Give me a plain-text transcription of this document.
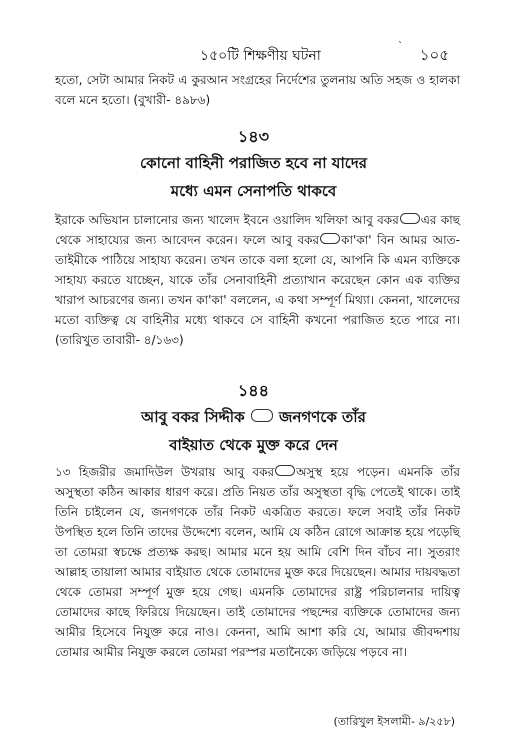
১৫০টি শিক্ষণীয় ঘটনা
` ১০৫

হতো, সেটা আমার নিকট এ কুরআন সংগ্রহের নির্দেশের তুলনায় অতি সহজ ও হালকা বলে মনে হতো। (বুখারী- ৪৯৮৬)

১৪৩
কোনো বাহিনী পরাজিত হবে না যাদের
মধ্যে এমন সেনাপতি থাকবে

ইরাকে অভিযান চালানোর জন্য খালেদ ইবনে ওয়ালিদ খলিফা আবু বকর এর কাছ থেকে সাহায্যের জন্য আবেদন করেন। ফলে আবু বকর কা'কা' বিন আমর আত-তাইমীকে পাঠিয়ে সাহায্য করেন। তখন তাকে বলা হলো যে, আপনি কি এমন ব্যক্তিকে সাহায্য করতে যাচ্ছেন, যাকে তাঁর সেনাবাহিনী প্রত্যাখান করেছেন কোন এক ব্যক্তির খারাপ আচরণের জন্য। তখন কা'কা' বললেন, এ কথা সম্পূর্ণ মিথ্যা। কেননা, খালেদের মতো ব্যক্তিত্ব যে বাহিনীর মধ্যে থাকবে সে বাহিনী কখনো পরাজিত হতে পারে না। (তারিখুত তাবারী- ৪/১৬৩)

১৪৪
আবু বকর সিদ্দীক জনগণকে তাঁর
বাইয়াত থেকে মুক্ত করে দেন

১৩ হিজরীর জমাদিউল উখরায় আবু বকর অসুস্থ হয়ে পড়েন। এমনকি তাঁর অসুস্থতা কঠিন আকার ধারণ করে। প্রতি নিয়ত তাঁর অসুস্থতা বৃদ্ধি পেতেই থাকে। তাই তিনি চাইলেন যে, জনগণকে তাঁর নিকট একত্রিত করতে। ফলে সবাই তাঁর নিকট উপস্থিত হলে তিনি তাদের উদ্দেশ্যে বলেন, আমি যে কঠিন রোগে আক্রান্ত হয়ে পড়েছি তা তোমরা স্বচক্ষে প্রত্যক্ষ করছ। আমার মনে হয় আমি বেশি দিন বাঁচব না। সুতরাং আল্লাহ তায়ালা আমার বাইয়াত থেকে তোমাদের মুক্ত করে দিয়েছেন। আমার দায়বদ্ধতা থেকে তোমরা সম্পূর্ণ মুক্ত হয়ে গেছ। এমনকি তোমাদের রাষ্ট্র পরিচালনার দায়িত্ব তোমাদের কাছে ফিরিয়ে দিয়েছেন। তাই তোমাদের পছন্দের ব্যক্তিকে তোমাদের জন্য আমীর হিসেবে নিযুক্ত করে নাও। কেননা, আমি আশা করি যে, আমার জীবদ্দশায় তোমার আমীর নিযুক্ত করলে তোমরা পরস্পর মতানৈক্যে জড়িয়ে পড়বে না।

(তারিখুল ইসলামী- ৯/২৫৮)
